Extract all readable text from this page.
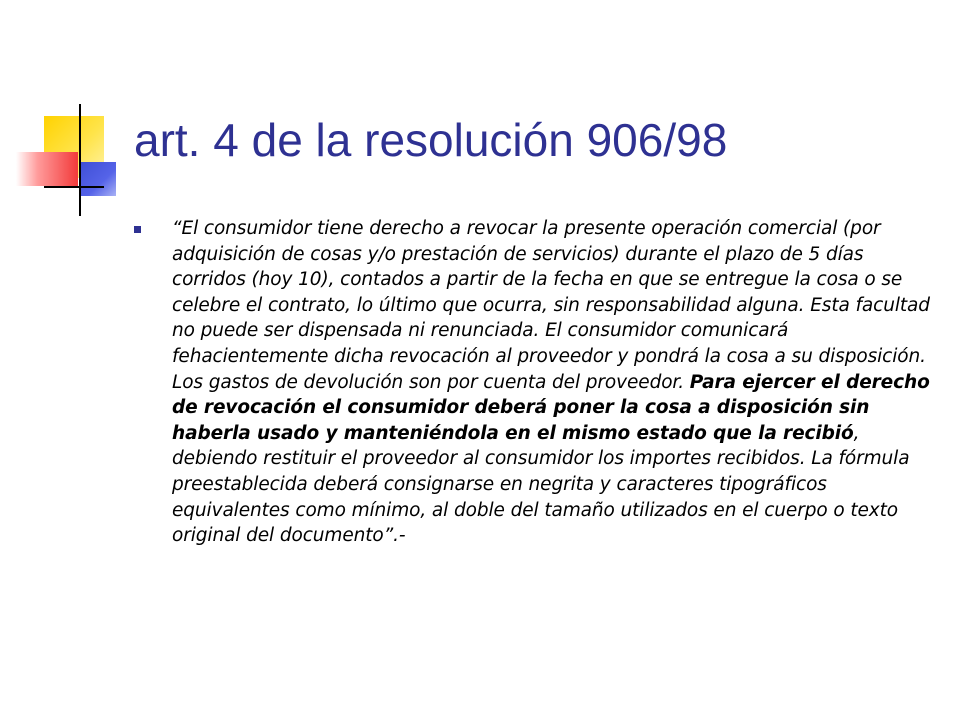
art. 4 de la resolución 906/98

“El consumidor tiene derecho a revocar la presente operación comercial (por adquisición de cosas y/o prestación de servicios) durante el plazo de 5 días corridos (hoy 10), contados a partir de la fecha en que se entregue la cosa o se celebre el contrato, lo último que ocurra, sin responsabilidad alguna. Esta facultad no puede ser dispensada ni renunciada. El consumidor comunicará fehacientemente dicha revocación al proveedor y pondrá la cosa a su disposición. Los gastos de devolución son por cuenta del proveedor. Para ejercer el derecho de revocación el consumidor deberá poner la cosa a disposición sin haberla usado y manteniéndola en el mismo estado que la recibió, debiendo restituir el proveedor al consumidor los importes recibidos. La fórmula preestablecida deberá consignarse en negrita y caracteres tipográficos equivalentes como mínimo, al doble del tamaño utilizados en el cuerpo o texto original del documento”.-
